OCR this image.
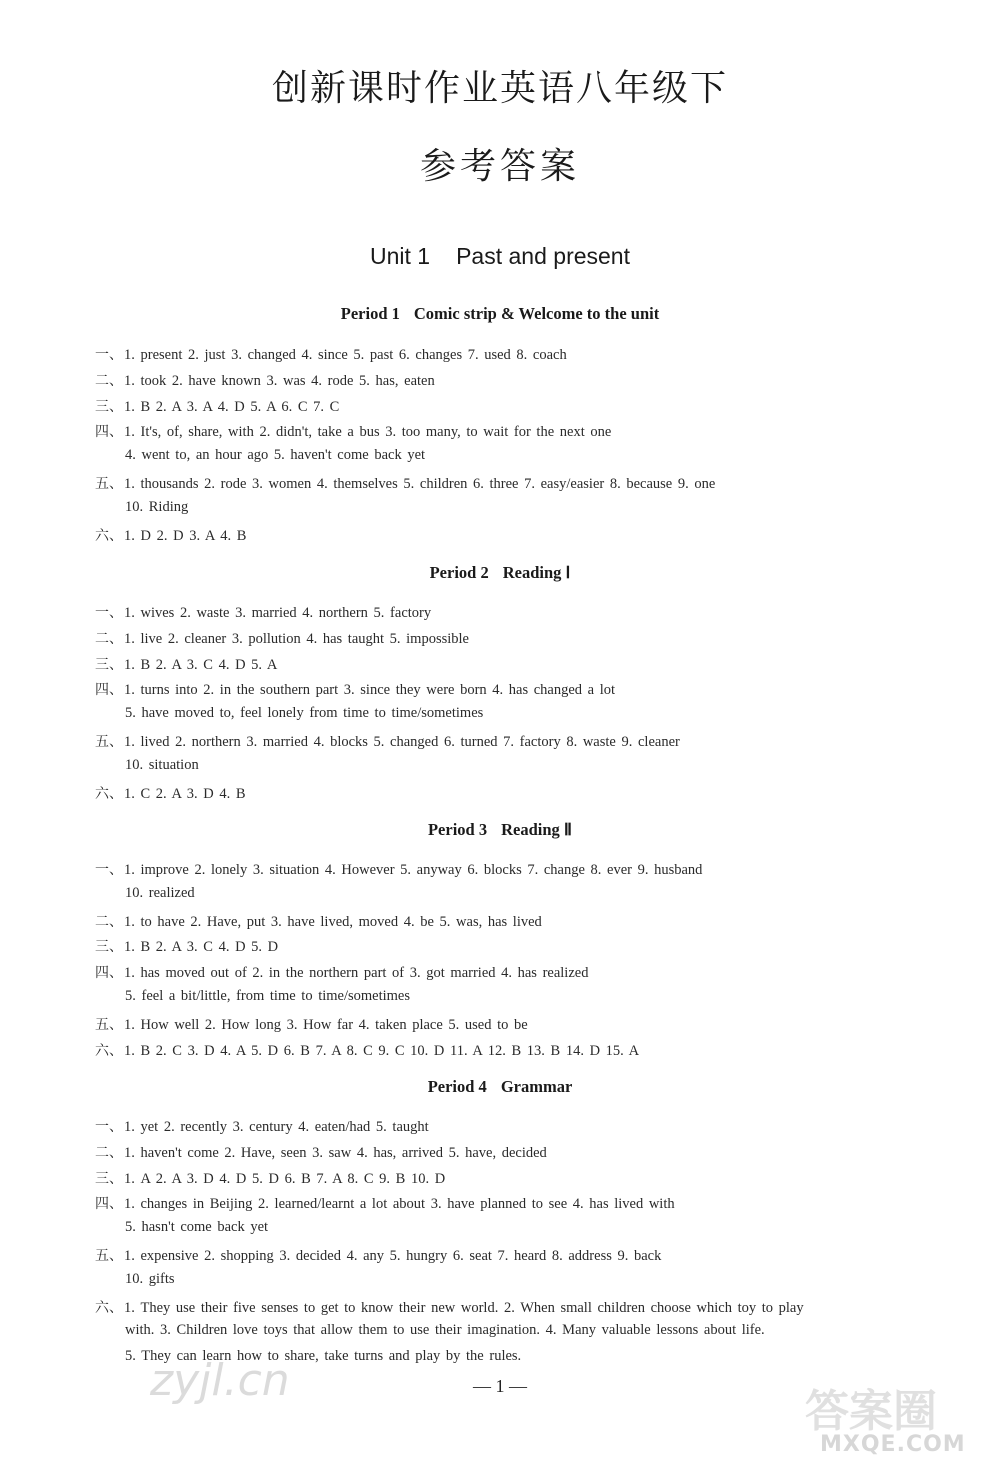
创新课时作业英语八年级下
参考答案
Unit 1 Past and present
Period 1 Comic strip & Welcome to the unit
一、1. present 2. just 3. changed 4. since 5. past 6. changes 7. used 8. coach
二、1. took 2. have known 3. was 4. rode 5. has, eaten
三、1. B 2. A 3. A 4. D 5. A 6. C 7. C
四、1. It's, of, share, with 2. didn't, take a bus 3. too many, to wait for the next one
4. went to, an hour ago 5. haven't come back yet
五、1. thousands 2. rode 3. women 4. themselves 5. children 6. three 7. easy/easier 8. because 9. one
10. Riding
六、1. D 2. D 3. A 4. B
Period 2 Reading Ⅰ
一、1. wives 2. waste 3. married 4. northern 5. factory
二、1. live 2. cleaner 3. pollution 4. has taught 5. impossible
三、1. B 2. A 3. C 4. D 5. A
四、1. turns into 2. in the southern part 3. since they were born 4. has changed a lot
5. have moved to, feel lonely from time to time/sometimes
五、1. lived 2. northern 3. married 4. blocks 5. changed 6. turned 7. factory 8. waste 9. cleaner
10. situation
六、1. C 2. A 3. D 4. B
Period 3 Reading Ⅱ
一、1. improve 2. lonely 3. situation 4. However 5. anyway 6. blocks 7. change 8. ever 9. husband
10. realized
二、1. to have 2. Have, put 3. have lived, moved 4. be 5. was, has lived
三、1. B 2. A 3. C 4. D 5. D
四、1. has moved out of 2. in the northern part of 3. got married 4. has realized
5. feel a bit/little, from time to time/sometimes
五、1. How well 2. How long 3. How far 4. taken place 5. used to be
六、1. B 2. C 3. D 4. A 5. D 6. B 7. A 8. C 9. C 10. D 11. A 12. B 13. B 14. D 15. A
Period 4 Grammar
一、1. yet 2. recently 3. century 4. eaten/had 5. taught
二、1. haven't come 2. Have, seen 3. saw 4. has, arrived 5. have, decided
三、1. A 2. A 3. D 4. D 5. D 6. B 7. A 8. C 9. B 10. D
四、1. changes in Beijing 2. learned/learnt a lot about 3. have planned to see 4. has lived with
5. hasn't come back yet
五、1. expensive 2. shopping 3. decided 4. any 5. hungry 6. seat 7. heard 8. address 9. back
10. gifts
六、1. They use their five senses to get to know their new world. 2. When small children choose which toy to play
with. 3. Children love toys that allow them to use their imagination. 4. Many valuable lessons about life.
5. They can learn how to share, take turns and play by the rules.
— 1 —
zyjl.cn
答案圈
MXQE.COM
